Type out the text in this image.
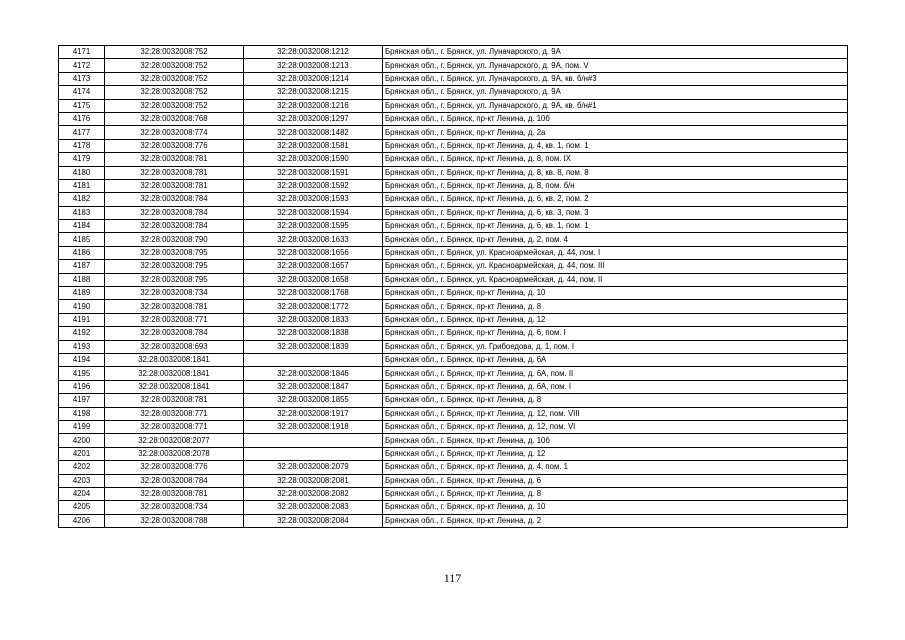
4171	32:28:0032008:752	32:28:0032008:1212	Брянская обл., г. Брянск, ул. Луначарского, д. 9А
4172	32:28:0032008:752	32:28:0032008:1213	Брянская обл., г. Брянск, ул. Луначарского, д. 9А, пом. V
4173	32:28:0032008:752	32:28:0032008:1214	Брянская обл., г. Брянск, ул. Луначарского, д. 9А, кв. б/н#3
4174	32:28:0032008:752	32:28:0032008:1215	Брянская обл., г. Брянск, ул. Луначарского, д. 9А
4175	32:28:0032008:752	32:28:0032008:1216	Брянская обл., г. Брянск, ул. Луначарского, д. 9А, кв. б/н#1
4176	32:28:0032008:768	32:28:0032008:1297	Брянская обл., г. Брянск, пр-кт Ленина, д. 10б
4177	32:28:0032008:774	32:28:0032008:1482	Брянская обл., г. Брянск, пр-кт Ленина, д. 2а
4178	32:28:0032008:776	32:28:0032008:1581	Брянская обл., г. Брянск, пр-кт Ленина, д. 4, кв. 1, пом. 1
4179	32:28:0032008:781	32:28:0032008:1590	Брянская обл., г. Брянск, пр-кт Ленина, д. 8, пом. IX
4180	32:28:0032008:781	32:28:0032008:1591	Брянская обл., г. Брянск, пр-кт Ленина, д. 8, кв. 8, пом. 8
4181	32:28:0032008:781	32:28:0032008:1592	Брянская обл., г. Брянск, пр-кт Ленина, д. 8, пом. б/н
4182	32:28:0032008:784	32:28:0032008:1593	Брянская обл., г. Брянск, пр-кт Ленина, д. 6, кв. 2, пом. 2
4183	32:28:0032008:784	32:28:0032008:1594	Брянская обл., г. Брянск, пр-кт Ленина, д. 6, кв. 3, пом. 3
4184	32:28:0032008:784	32:28:0032008:1595	Брянская обл., г. Брянск, пр-кт Ленина, д. 6, кв. 1, пом. 1
4185	32:28:0032008:790	32:28:0032008:1633	Брянская обл., г. Брянск, пр-кт Ленина, д. 2, пом. 4
4186	32:28:0032008:795	32:28:0032008:1656	Брянская обл., г. Брянск, ул. Красноармейская, д. 44, пом. I
4187	32:28:0032008:795	32:28:0032008:1657	Брянская обл., г. Брянск, ул. Красноармейская, д. 44, пом. III
4188	32:28:0032008:795	32:28:0032008:1658	Брянская обл., г. Брянск, ул. Красноармейская, д. 44, пом. II
4189	32:28:0032008:734	32:28:0032008:1768	Брянская обл., г. Брянск, пр-кт Ленина, д. 10
4190	32:28:0032008:781	32:28:0032008:1772	Брянская обл., г. Брянск, пр-кт Ленина, д. 8
4191	32:28:0032008:771	32:28:0032008:1833	Брянская обл., г. Брянск, пр-кт Ленина, д. 12
4192	32:28:0032008:784	32:28:0032008:1838	Брянская обл., г. Брянск, пр-кт Ленина, д. 6, пом. I
4193	32:28:0032008:693	32:28:0032008:1839	Брянская обл., г. Брянск, ул. Грибоедова, д. 1, пом. I
4194	32:28:0032008:1841		Брянская обл., г. Брянск, пр-кт Ленина, д. 6А
4195	32:28:0032008:1841	32:28:0032008:1846	Брянская обл., г. Брянск, пр-кт Ленина, д. 6А, пом. II
4196	32:28:0032008:1841	32:28:0032008:1847	Брянская обл., г. Брянск, пр-кт Ленина, д. 6А, пом. I
4197	32:28:0032008:781	32:28:0032008:1855	Брянская обл., г. Брянск, пр-кт Ленина, д. 8
4198	32:28:0032008:771	32:28:0032008:1917	Брянская обл., г. Брянск, пр-кт Ленина, д. 12, пом. VIII
4199	32:28:0032008:771	32:28:0032008:1918	Брянская обл., г. Брянск, пр-кт Ленина, д. 12, пом. VI
4200	32:28:0032008:2077		Брянская обл., г. Брянск, пр-кт Ленина, д. 10б
4201	32:28:0032008:2078		Брянская обл., г. Брянск, пр-кт Ленина, д. 12
4202	32:28:0032008:776	32:28:0032008:2079	Брянская обл., г. Брянск, пр-кт Ленина, д. 4, пом. 1
4203	32:28:0032008:784	32:28:0032008:2081	Брянская обл., г. Брянск, пр-кт Ленина, д. 6
4204	32:28:0032008:781	32:28:0032008:2082	Брянская обл., г. Брянск, пр-кт Ленина, д. 8
4205	32:28:0032008:734	32:28:0032008:2083	Брянская обл., г. Брянск, пр-кт Ленина, д. 10
4206	32:28:0032008:788	32:28:0032008:2084	Брянская обл., г. Брянск, пр-кт Ленина, д. 2
117
